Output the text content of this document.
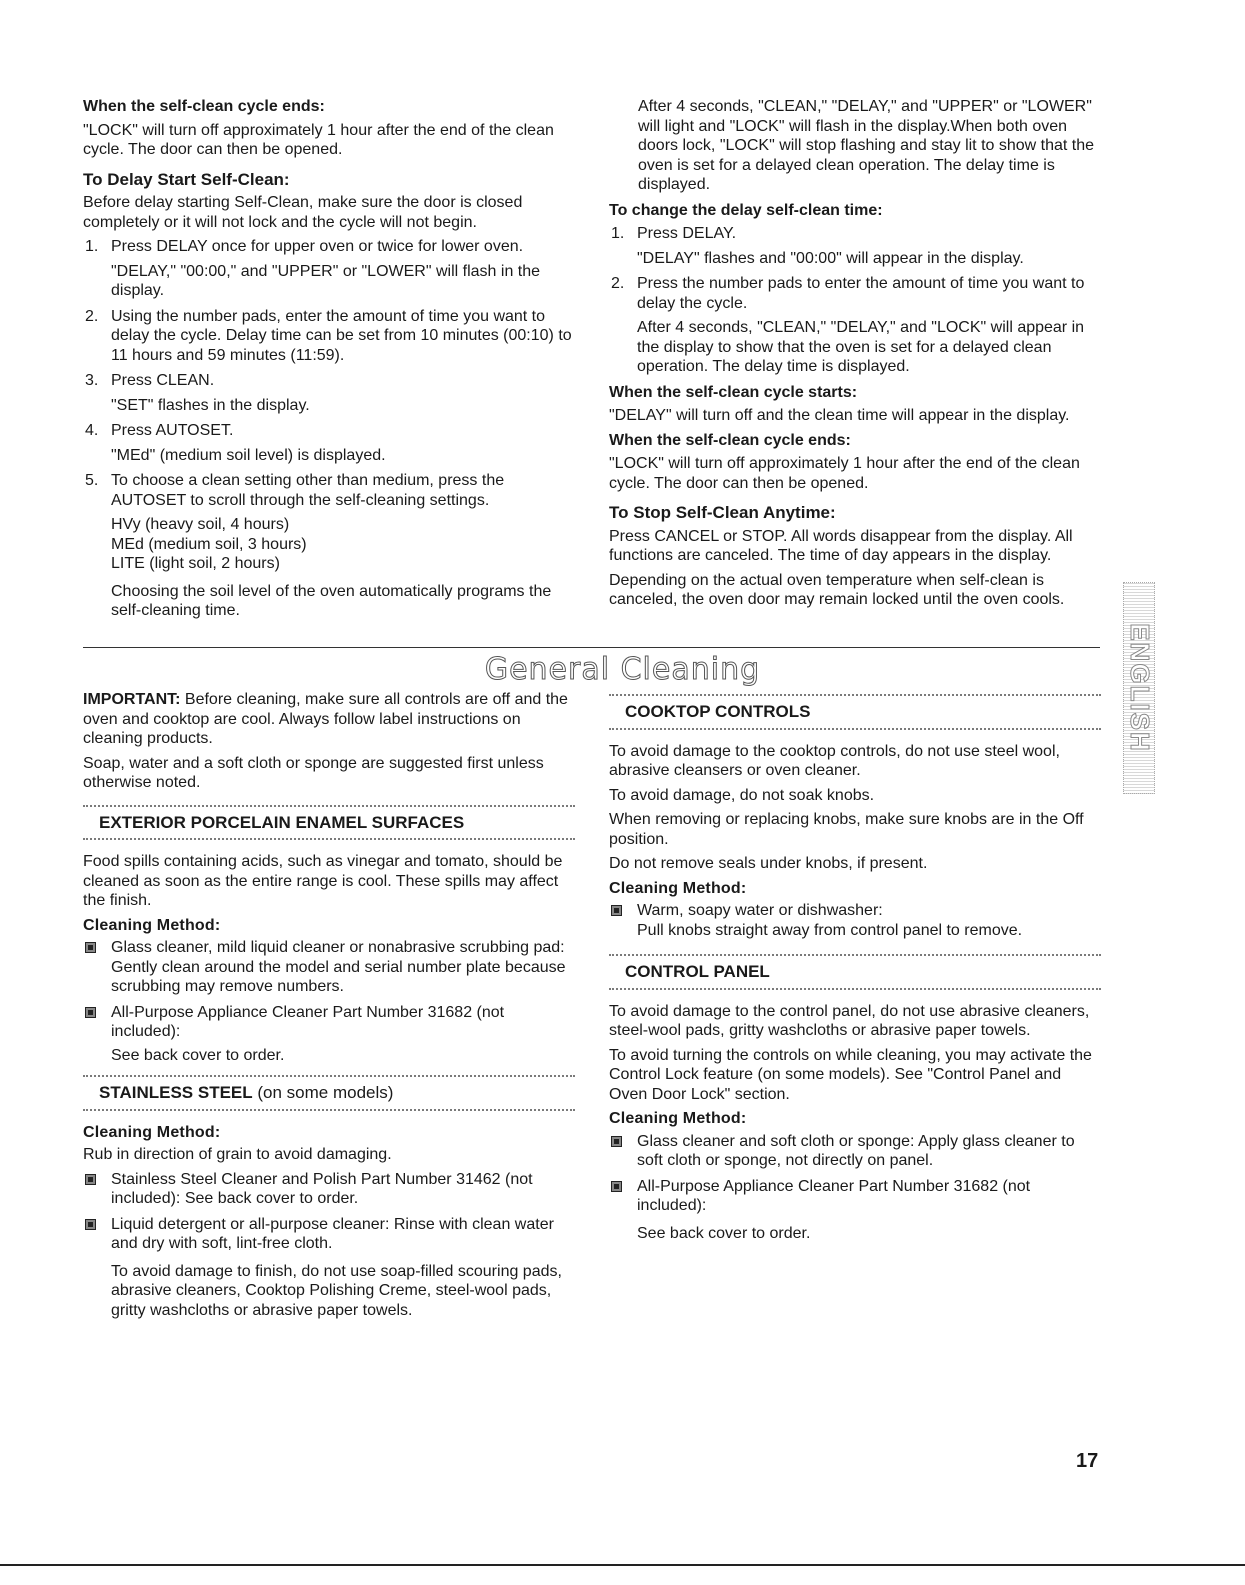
When the self-clean cycle ends:

"LOCK" will turn off approximately 1 hour after the end of the clean cycle. The door can then be opened.

To Delay Start Self-Clean:

Before delay starting Self-Clean, make sure the door is closed completely or it will not lock and the cycle will not begin.

1. Press DELAY once for upper oven or twice for lower oven.

"DELAY," "00:00," and "UPPER" or "LOWER" will flash in the display.

2. Using the number pads, enter the amount of time you want to delay the cycle. Delay time can be set from 10 minutes (00:10) to 11 hours and 59 minutes (11:59).

3. Press CLEAN.

"SET" flashes in the display.

4. Press AUTOSET.

"MEd" (medium soil level) is displayed.

5. To choose a clean setting other than medium, press the AUTOSET to scroll through the self-cleaning settings.

HVy (heavy soil, 4 hours)

MEd (medium soil, 3 hours)

LITE (light soil, 2 hours)

Choosing the soil level of the oven automatically programs the self-cleaning time.

After 4 seconds, "CLEAN," "DELAY," and "UPPER" or "LOWER" will light and "LOCK" will flash in the display.When both oven doors lock, "LOCK" will stop flashing and stay lit to show that the oven is set for a delayed clean operation. The delay time is displayed.

To change the delay self-clean time:
1. Press DELAY.

"DELAY" flashes and "00:00" will appear in the display.

2. Press the number pads to enter the amount of time you want to delay the cycle.

After 4 seconds, "CLEAN," "DELAY," and "LOCK" will appear in the display to show that the oven is set for a delayed clean operation. The delay time is displayed.

When the self-clean cycle starts:

"DELAY" will turn off and the clean time will appear in the display.

When the self-clean cycle ends:

"LOCK" will turn off approximately 1 hour after the end of the clean cycle. The door can then be opened.

To Stop Self-Clean Anytime:

Press CANCEL or STOP. All words disappear from the display. All functions are canceled. The time of day appears in the display.

Depending on the actual oven temperature when self-clean is canceled, the oven door may remain locked until the oven cools.

General Cleaning

IMPORTANT: Before cleaning, make sure all controls are off and the oven and cooktop are cool. Always follow label instructions on cleaning products.

Soap, water and a soft cloth or sponge are suggested first unless otherwise noted.

EXTERIOR PORCELAIN ENAMEL SURFACES

Food spills containing acids, such as vinegar and tomato, should be cleaned as soon as the entire range is cool. These spills may affect the finish.

Cleaning Method:

Glass cleaner, mild liquid cleaner or nonabrasive scrubbing pad: Gently clean around the model and serial number plate because scrubbing may remove numbers.

All-Purpose Appliance Cleaner Part Number 31682 (not included):

See back cover to order.

STAINLESS STEEL (on some models)
Cleaning Method:

Rub in direction of grain to avoid damaging.

Stainless Steel Cleaner and Polish Part Number 31462 (not included): See back cover to order.

Liquid detergent or all-purpose cleaner: Rinse with clean water and dry with soft, lint-free cloth.

To avoid damage to finish, do not use soap-filled scouring pads, abrasive cleaners, Cooktop Polishing Creme, steel-wool pads, gritty washcloths or abrasive paper towels.

COOKTOP CONTROLS

To avoid damage to the cooktop controls, do not use steel wool, abrasive cleansers or oven cleaner.

To avoid damage, do not soak knobs.

When removing or replacing knobs, make sure knobs are in the Off position.

Do not remove seals under knobs, if present.

Cleaning Method:

Warm, soapy water or dishwasher:

Pull knobs straight away from control panel to remove.

CONTROL PANEL

To avoid damage to the control panel, do not use abrasive cleaners, steel-wool pads, gritty washcloths or abrasive paper towels.

To avoid turning the controls on while cleaning, you may activate the Control Lock feature (on some models). See "Control Panel and Oven Door Lock" section.

Cleaning Method:

Glass cleaner and soft cloth or sponge: Apply glass cleaner to soft cloth or sponge, not directly on panel.

All-Purpose Appliance Cleaner Part Number 31682 (not included):

See back cover to order.

ENGLISH
17
